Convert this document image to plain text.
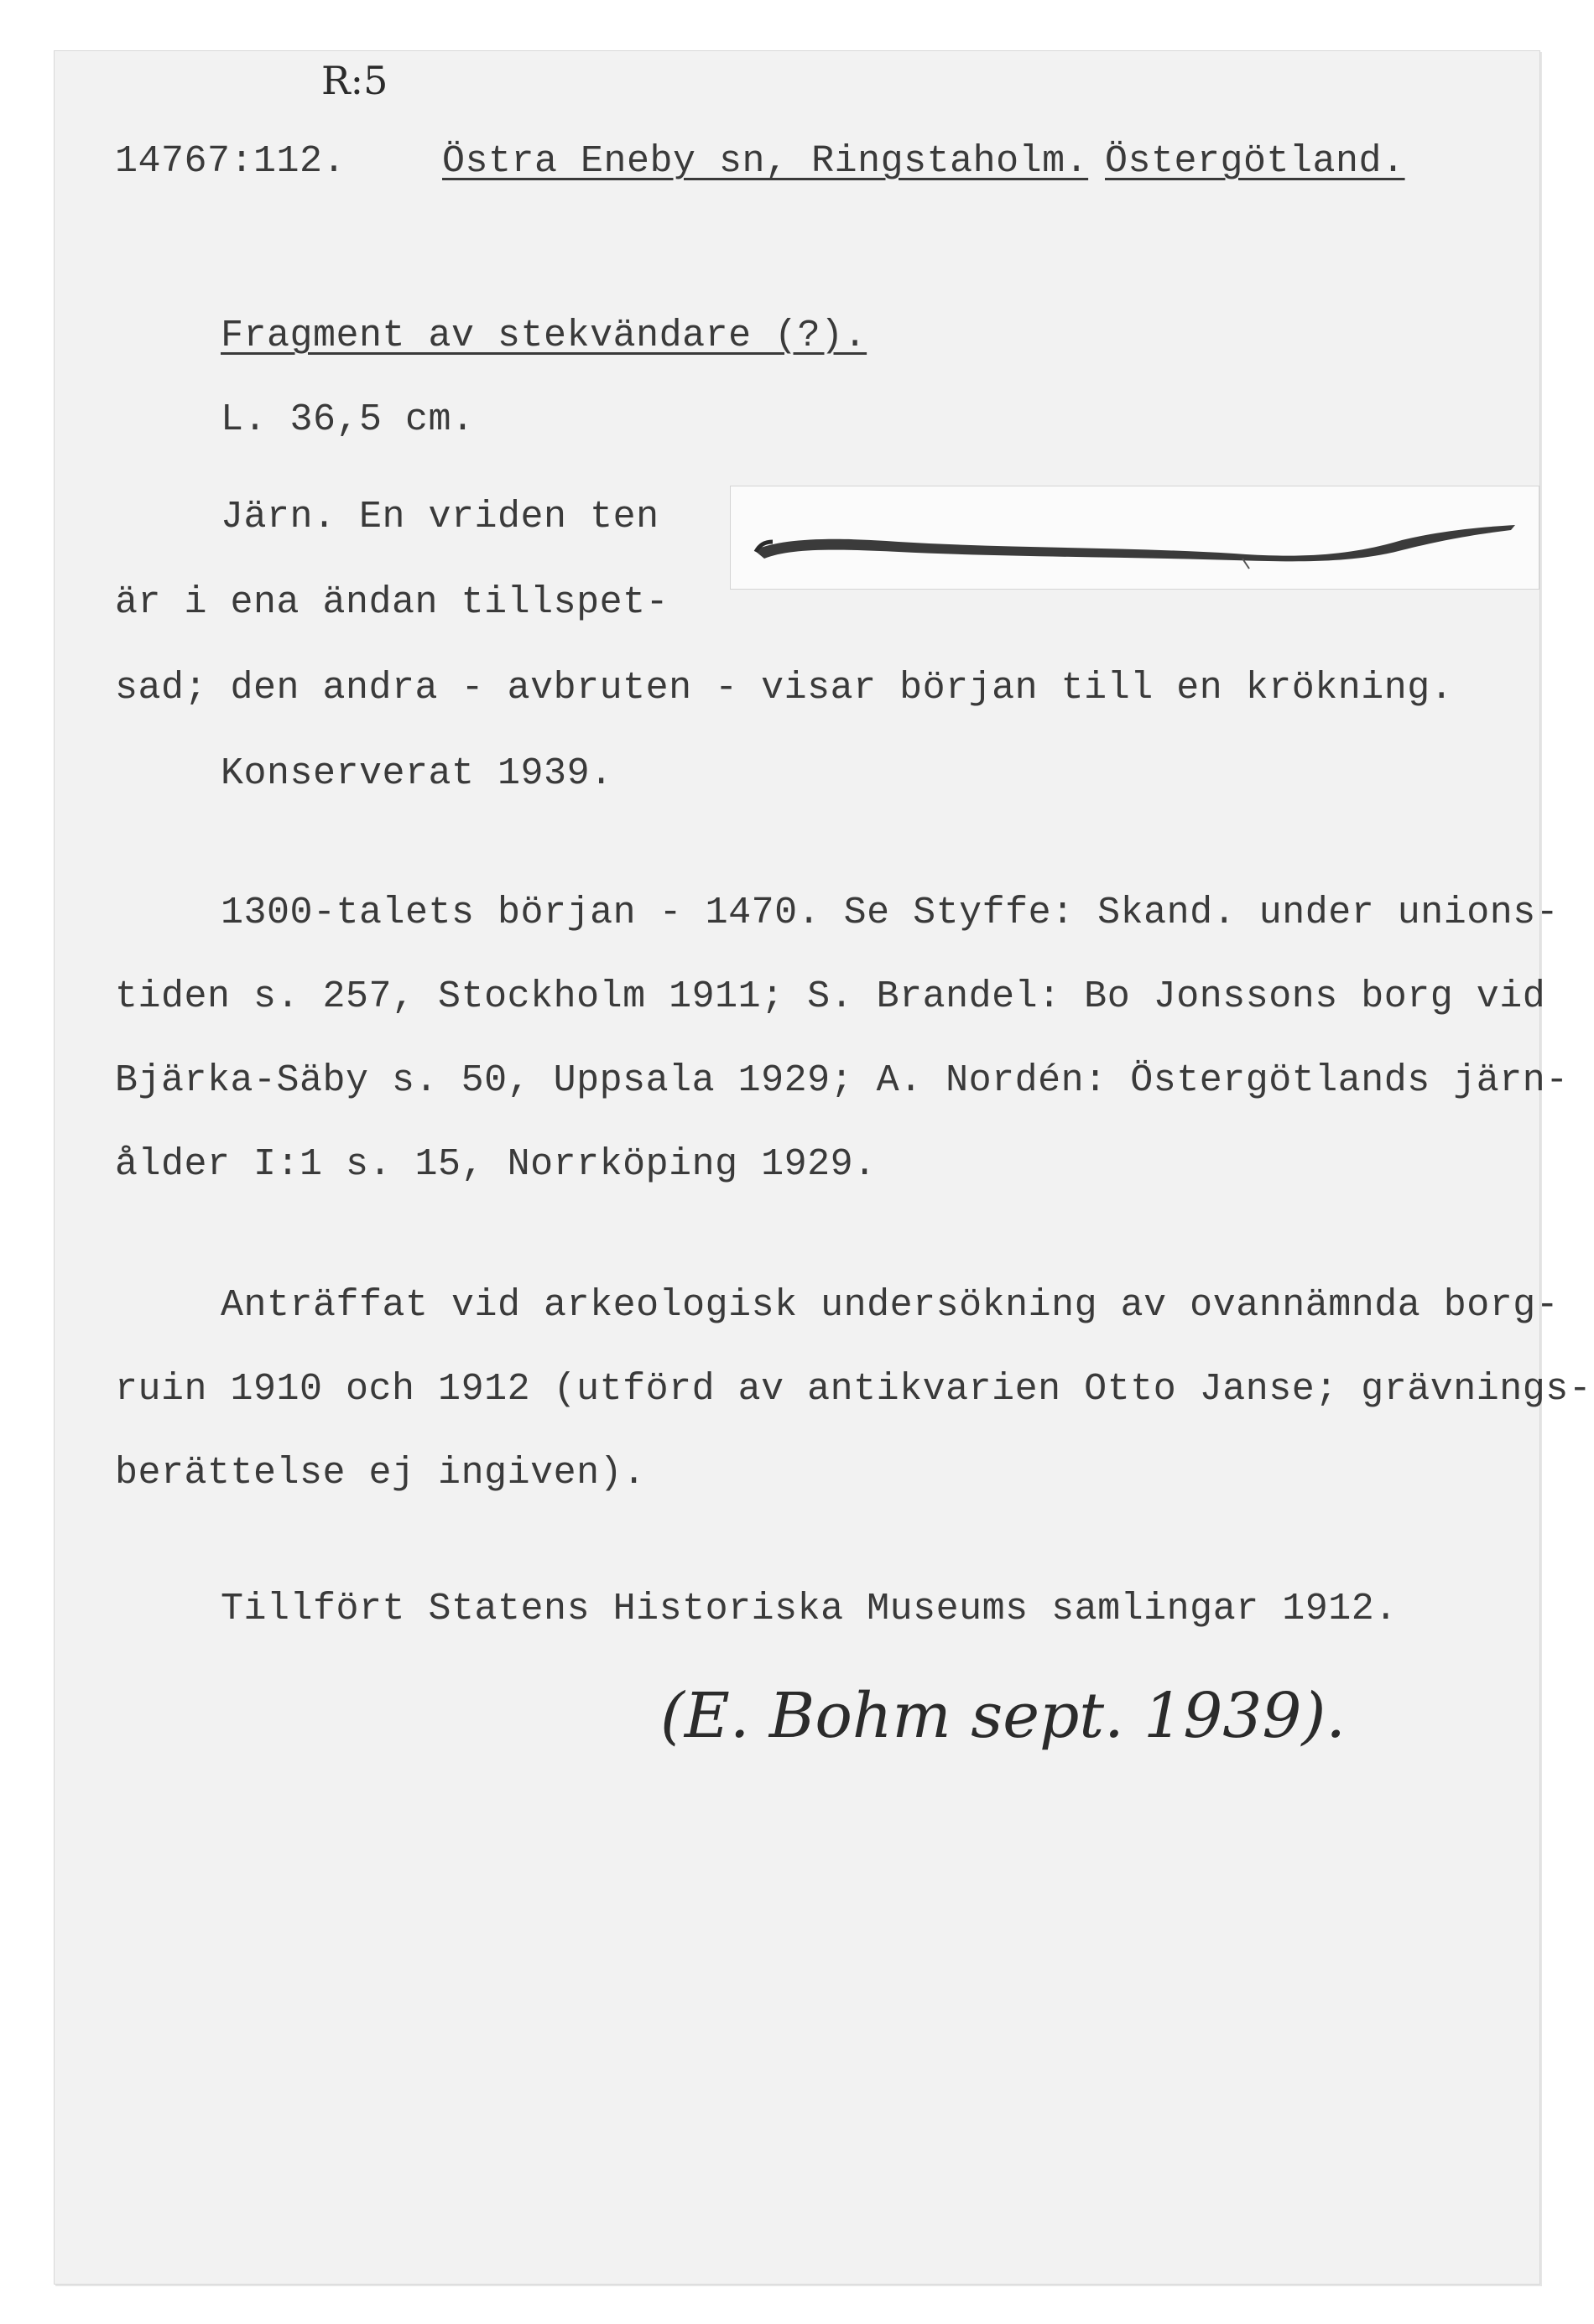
R:5
14767:112.	Östra Eneby sn, Ringstaholm. Östergötland.
Fragment av stekvändare (?).
L. 36,5 cm.
Järn. En vriden ten
är i ena ändan tillspet-
sad; den andra - avbruten - visar början till en krökning.
Konserverat 1939.
1300-talets början - 1470. Se Styffe: Skand. under unions-
tiden s. 257, Stockholm 1911; S. Brandel: Bo Jonssons borg vid
Bjärka-Säby s. 50, Uppsala 1929; A. Nordén: Östergötlands järn-
ålder I:1 s. 15, Norrköping 1929.
Anträffat vid arkeologisk undersökning av ovannämnda borg-
ruin 1910 och 1912 (utförd av antikvarien Otto Janse; grävnings-
berättelse ej ingiven).
Tillfört Statens Historiska Museums samlingar 1912.
(E. Bohm sept. 1939).
